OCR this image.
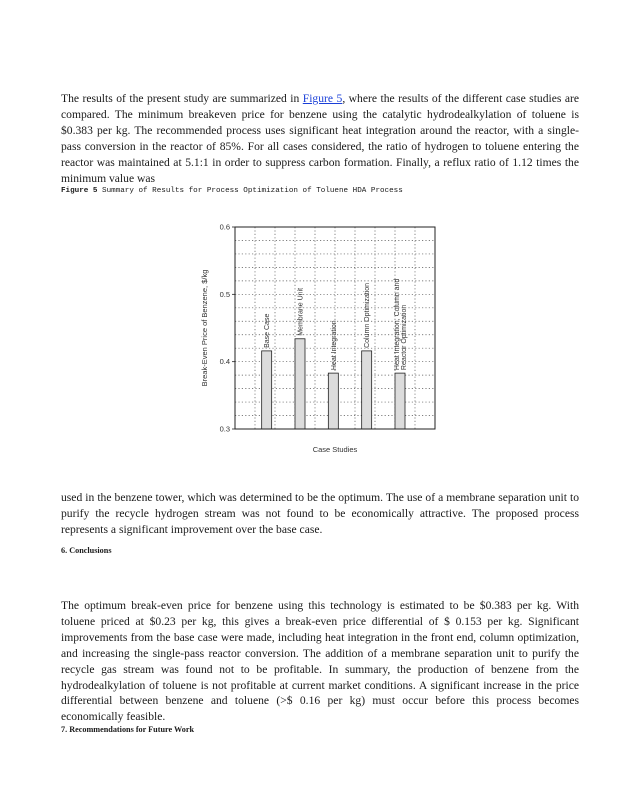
The results of the present study are summarized in Figure 5, where the results of the different case studies are compared. The minimum breakeven price for benzene using the catalytic hydrodealkylation of toluene is $0.383 per kg. The recommended process uses significant heat integration around the reactor, with a single-pass conversion in the reactor of 85%. For all cases considered, the ratio of hydrogen to toluene entering the reactor was maintained at 5.1:1 in order to suppress carbon formation. Finally, a reflux ratio of 1.12 times the minimum value was

Figure 5 Summary of Results for Process Optimization of Toluene HDA Process
Base Case	Membrane Unit
Heat Integration	Column Optimization	Heat Integration, Column and Reactor Optimization
0.3
0.4
0.5
0.6
Case Studies
Break-Even Price of Benzene, $/kg

used in the benzene tower, which was determined to be the optimum. The use of a membrane separation unit to purify the recycle hydrogen stream was not found to be economically attractive. The proposed process represents a significant improvement over the base case.

6. Conclusions

The optimum break-even price for benzene using this technology is estimated to be $0.383 per kg. With toluene priced at $0.23 per kg, this gives a break-even price differential of $ 0.153 per kg. Significant improvements from the base case were made, including heat integration in the front end, column optimization, and increasing the single-pass reactor conversion. The addition of a membrane separation unit to purify the recycle gas stream was found not to be profitable. In summary, the production of benzene from the hydrodealkylation of toluene is not profitable at current market conditions. A significant increase in the price differential between benzene and toluene (>$ 0.16 per kg) must occur before this process becomes economically feasible.

7. Recommendations for Future Work
